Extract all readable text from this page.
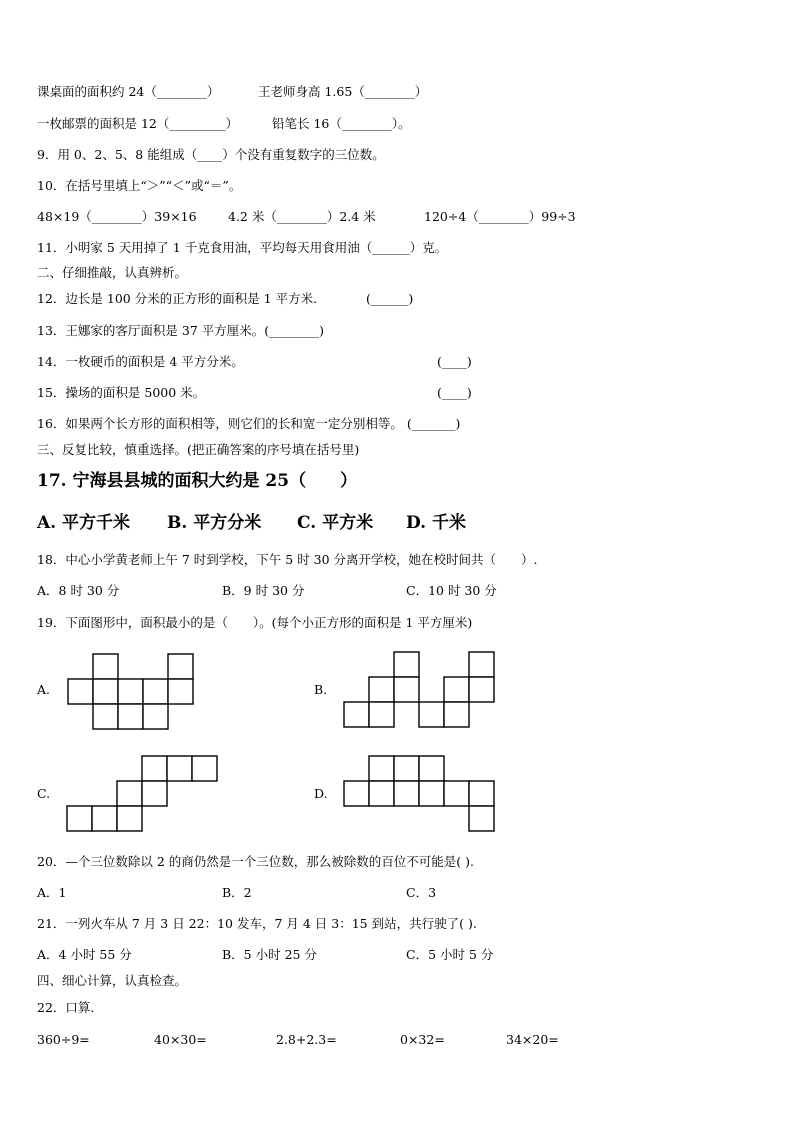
课桌面的面积约 24（________）	王老师身高 1.65（________）
一枚邮票的面积是 12（_________）	铅笔长 16（________）。
9．用 0、2、5、8 能组成（____）个没有重复数字的三位数。
10．在括号里填上“＞”“＜”或“＝”。
48×19（________）39×16	4.2 米（________）2.4 米	120÷4（________）99÷3
11．小明家 5 天用掉了 1 千克食用油，平均每天用食用油（______）克。
二、仔细推敲，认真辨析。
12．边长是 100 分米的正方形的面积是 1 平方米.	(______)
13．王娜家的客厅面积是 37 平方厘米。(________)
14．一枚硬币的面积是 4 平方分米。	(____)
15．操场的面积是 5000 米。	(____)
16．如果两个长方形的面积相等，则它们的长和宽一定分别相等。 (_______)
三、反复比较，慎重选择。(把正确答案的序号填在括号里)
17. 宁海县县城的面积大约是 25（　　）
A. 平方千米 B. 平方分米 C. 平方米 D. 千米
18．中心小学黄老师上午 7 时到学校，下午 5 时 30 分离开学校，她在校时间共（　　）.
A．8 时 30 分	B．9 时 30 分	C．10 时 30 分
19．下面图形中，面积最小的是（　　）。(每个小正方形的面积是 1 平方厘米)
A.	B.
C.	D.
20．—个三位数除以 2 的商仍然是一个三位数，那么被除数的百位不可能是( ).
A．1	B．2	C．3
21．一列火车从 7 月 3 日 22：10 发车，7 月 4 日 3：15 到站，共行驶了( ).
A．4 小时 55 分	B．5 小时 25 分	C．5 小时 5 分
四、细心计算，认真检查。
22．口算.
360÷9=	40×30=	2.8+2.3=	0×32=	34×20=
